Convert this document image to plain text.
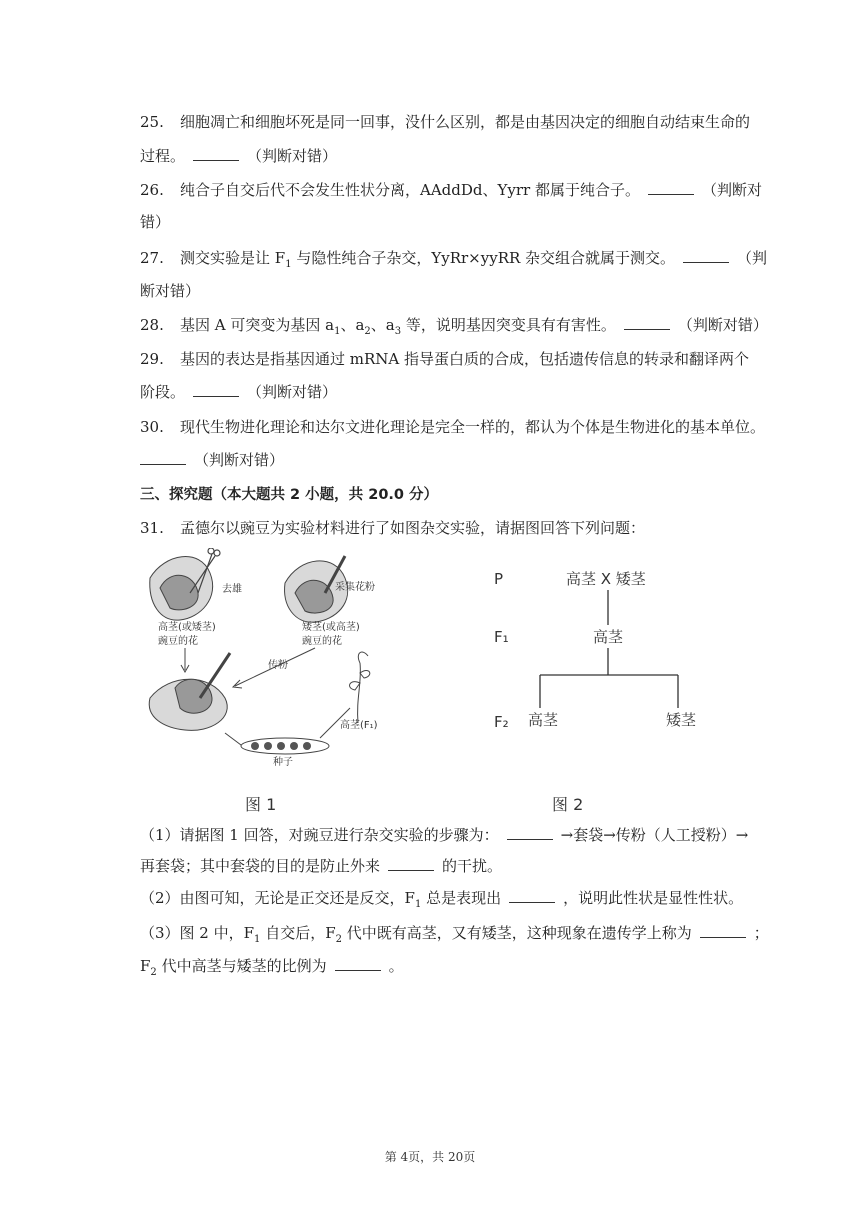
25. 细胞凋亡和细胞坏死是同一回事，没什么区别，都是由基因决定的细胞自动结束生命的
过程。	（判断对错）
26. 纯合子自交后代不会发生性状分离，AAddDd、Yyrr 都属于纯合子。	（判断对
错）
27. 测交实验是让 $F_1$ 与隐性纯合子杂交，YyRr×yyRR 杂交组合就属于测交。	（判
断对错）
28. 基因 A 可突变为基因 $a_1$、$a_2$、$a_3$ 等，说明基因突变具有有害性。	（判断对错）
29. 基因的表达是指基因通过 mRNA 指导蛋白质的合成，包括遗传信息的转录和翻译两个
阶段。	（判断对错）
30. 现代生物进化理论和达尔文进化理论是完全一样的，都认为个体是生物进化的基本单位。
（判断对错）
三、探究题（本大题共 2 小题，共 20.0 分）
31. 孟德尔以豌豆为实验材料进行了如图杂交实验，请据图回答下列问题：
去雄	采集花粉
高茎(或矮茎)
豌豆的花
矮茎(或高茎)
豌豆的花
传粉
种子
高茎(F₁)
图 1
P	高茎 X 矮茎
F₁	高茎
F₂ 高茎	矮茎
图 2
（1）请据图 1 回答，对豌豆进行杂交实验的步骤为：	→套袋→传粉（人工授粉）→
再套袋；其中套袋的目的是防止外来	的干扰。
（2）由图可知，无论是正交还是反交，$F_1$ 总是表现出	，说明此性状是显性性状。
（3）图 2 中，$F_1$ 自交后，$F_2$ 代中既有高茎，又有矮茎，这种现象在遗传学上称为	；
$F_2$ 代中高茎与矮茎的比例为	。
第 4页，共 20页
